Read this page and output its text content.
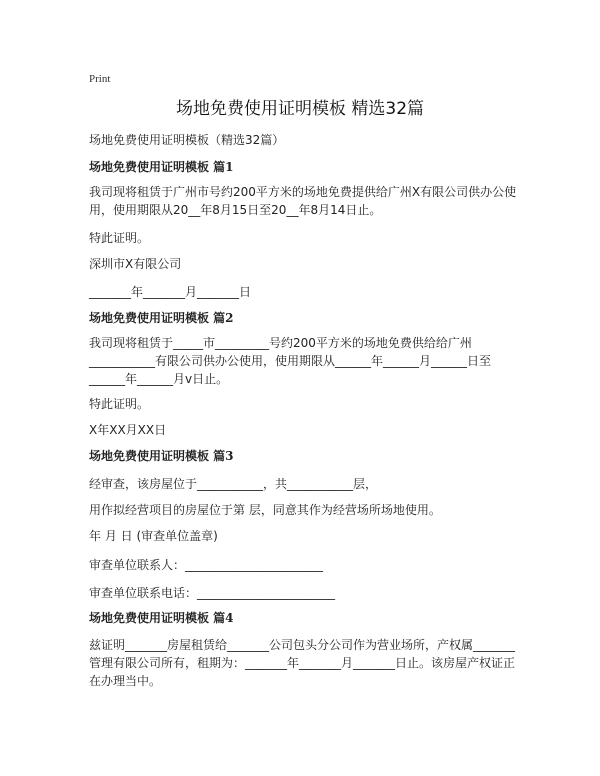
Print
场地免费使用证明模板 精选32篇
场地免费使用证明模板（精选32篇）
场地免费使用证明模板 篇1
我司现将租赁于广州市号约200平方米的场地免费提供给广州X有限公司供办公使用，使用期限从20__年8月15日至20__年8月14日止。
特此证明。
深圳市X有限公司
_______年_______月_______日
场地免费使用证明模板 篇2
我司现将租赁于_____市_________号约200平方米的场地免费供给给广州___________有限公司供办公使用，使用期限从______年______月______日至______年______月v日止。
特此证明。
X年XX月XX日
场地免费使用证明模板 篇3
经审查，该房屋位于___________，共___________层，
用作拟经营项目的房屋位于第 层，同意其作为经营场所场地使用。
年 月 日 (审查单位盖章)
审查单位联系人：_______________________
审查单位联系电话：_______________________
场地免费使用证明模板 篇4
兹证明_______房屋租赁给_______公司包头分公司作为营业场所，产权属_______管理有限公司所有，租期为：_______年_______月_______日止。该房屋产权证正在办理当中。
